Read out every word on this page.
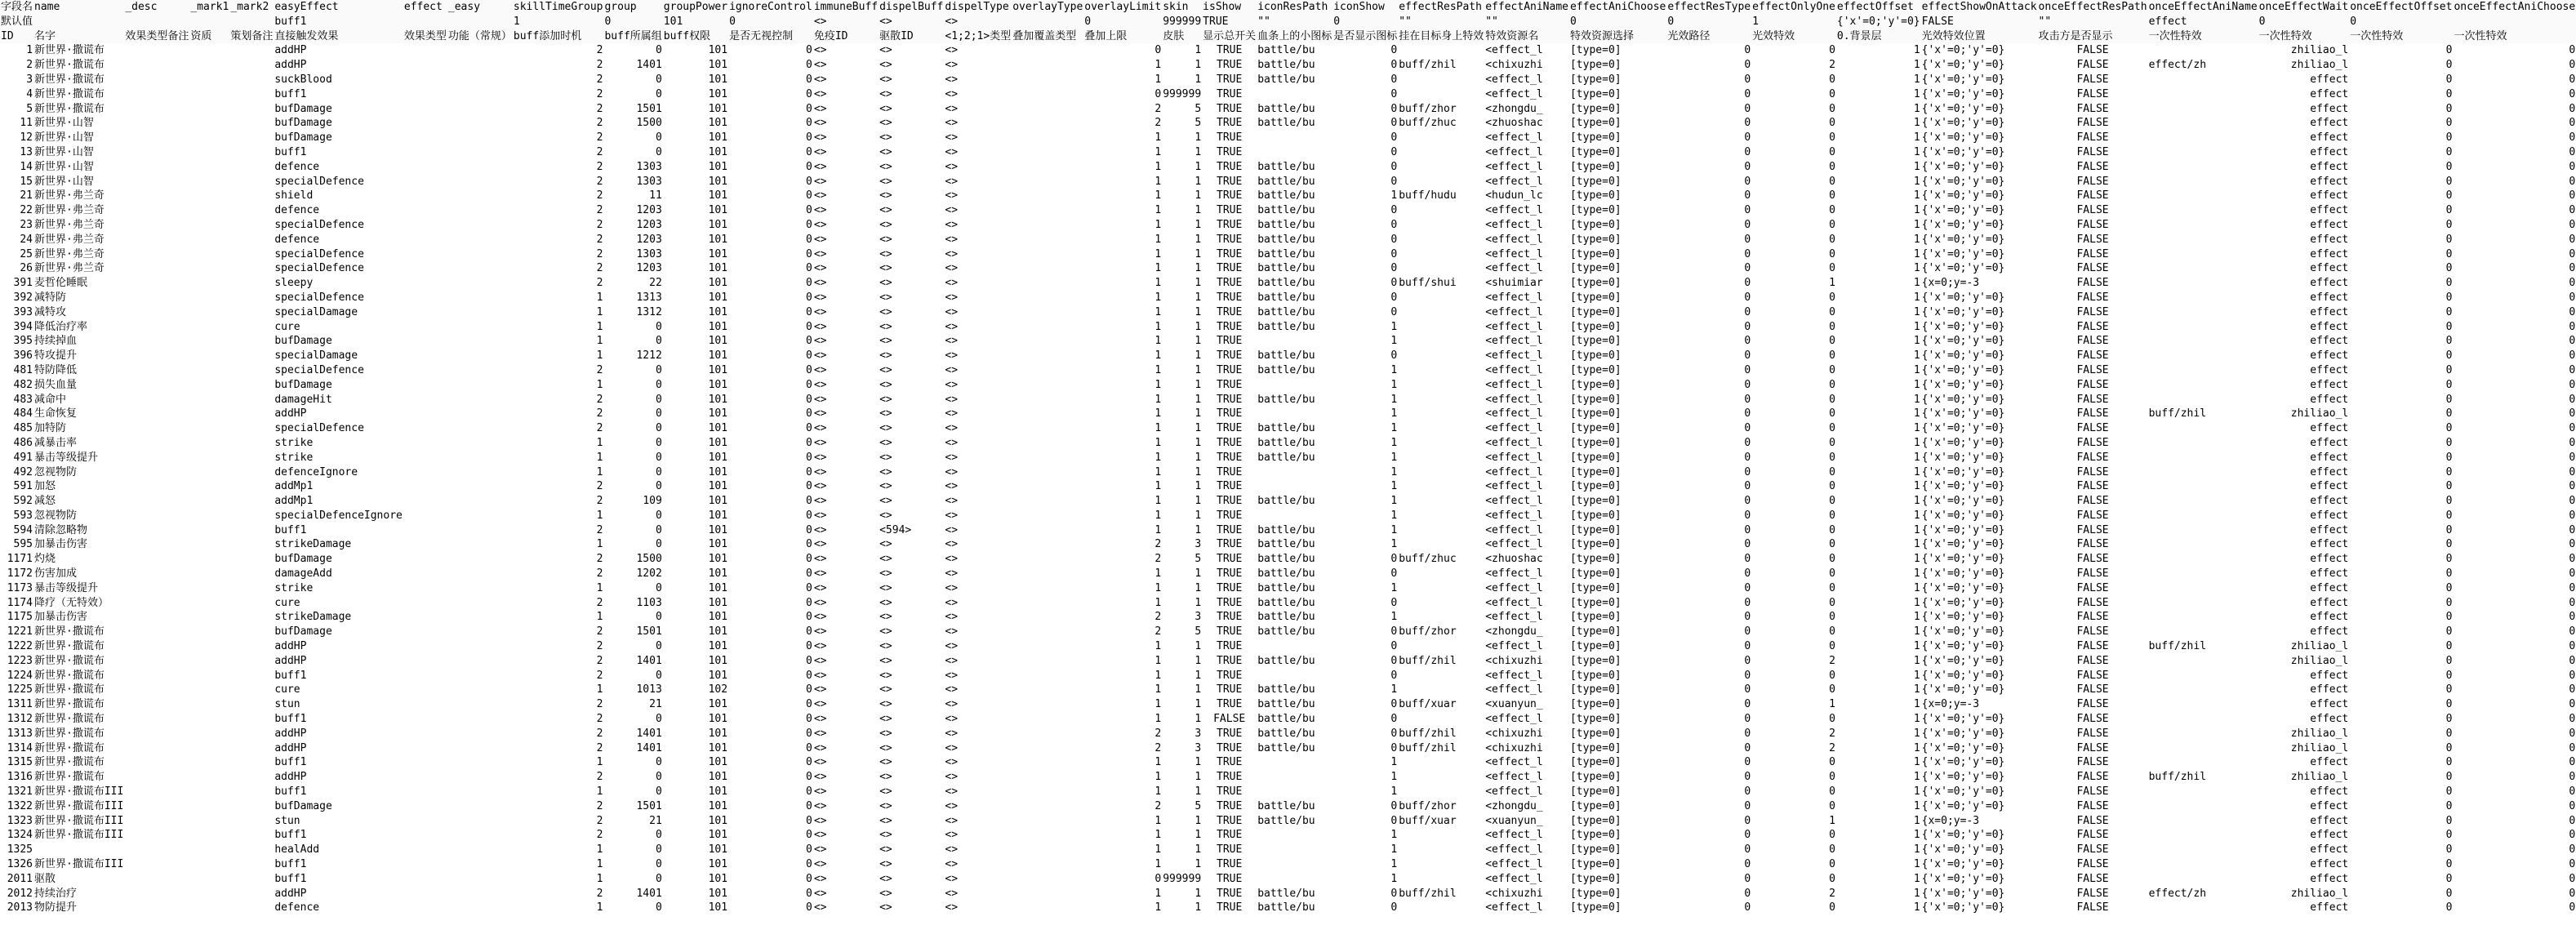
字段名	name	_desc	_mark1	_mark2	easyEffect	effect	_easy	skillTimeGroup	group	groupPower	ignoreControl	immuneBuff	dispelBuff	dispelType	overlayType	overlayLimit	skin	isShow	iconResPath	iconShow	effectResPath	effectAniName	effectAniChoose	effectResType	effectOnlyOne	effectOffset	effectShowOnAttack	onceEffectResPath	onceEffectAniName	onceEffectWait	onceEffectOffset	onceEffectAniChoose
默认值					buff1			1	0	101	0	<>	<>	<>		0	999999	TRUE	""	0	""	""	0	0	1	{'x'=0;'y'=0}	FALSE	""	effect	0	0	
ID	名字	效果类型备注	资质	策划备注	直接触发效果	效果类型	功能（常规）	buff添加时机	buff所属组	buff权限	是否无视控制	免疫ID	驱散ID	<1;2;1>类型	叠加覆盖类型	叠加上限	皮肤	显示总开关	血条上的小图标	是否显示图标	挂在目标身上特效	特效资源名	特效资源选择	光效路径	光效特效	0.背景层	光效特效位置	攻击方是否显示	一次性特效	一次性特效	一次性特效	一次性特效
1	新世界·撒谎布				addHP			2	0	101	0	<>	<>	<>		0	1	TRUE	battle/bu	0		<effect_l	[type=0]	0	0	1	{'x'=0;'y'=0}	FALSE		zhiliao_l	0	0
2	新世界·撒谎布				addHP			2	1401	101	0	<>	<>	<>		1	1	TRUE	battle/bu	0	buff/zhil	<chixuzhi	[type=0]	0	2	1	{'x'=0;'y'=0}	FALSE	effect/zh	zhiliao_l	0	0
3	新世界·撒谎布				suckBlood			2	0	101	0	<>	<>	<>		1	1	TRUE	battle/bu	0		<effect_l	[type=0]	0	0	1	{'x'=0;'y'=0}	FALSE		effect	0	0
4	新世界·撒谎布				buff1			2	0	101	0	<>	<>	<>		0	999999	TRUE		0		<effect_l	[type=0]	0	0	1	{'x'=0;'y'=0}	FALSE		effect	0	0
5	新世界·撒谎布				bufDamage			2	1501	101	0	<>	<>	<>		2	5	TRUE	battle/bu	0	buff/zhor	<zhongdu_	[type=0]	0	0	1	{'x'=0;'y'=0}	FALSE		effect	0	0
11	新世界·山智				bufDamage			2	1500	101	0	<>	<>	<>		2	5	TRUE	battle/bu	0	buff/zhuc	<zhuoshac	[type=0]	0	0	1	{'x'=0;'y'=0}	FALSE		effect	0	0
12	新世界·山智				bufDamage			2	0	101	0	<>	<>	<>		1	1	TRUE		0		<effect_l	[type=0]	0	0	1	{'x'=0;'y'=0}	FALSE		effect	0	0
13	新世界·山智				buff1			2	0	101	0	<>	<>	<>		1	1	TRUE		0		<effect_l	[type=0]	0	0	1	{'x'=0;'y'=0}	FALSE		effect	0	0
14	新世界·山智				defence			2	1303	101	0	<>	<>	<>		1	1	TRUE	battle/bu	0		<effect_l	[type=0]	0	0	1	{'x'=0;'y'=0}	FALSE		effect	0	0
15	新世界·山智				specialDefence			2	1303	101	0	<>	<>	<>		1	1	TRUE	battle/bu	0		<effect_l	[type=0]	0	0	1	{'x'=0;'y'=0}	FALSE		effect	0	0
21	新世界·弗兰奇				shield			2	11	101	0	<>	<>	<>		1	1	TRUE	battle/bu	1	buff/hudu	<hudun_lc	[type=0]	0	0	1	{'x'=0;'y'=0}	FALSE		effect	0	0
22	新世界·弗兰奇				defence			2	1203	101	0	<>	<>	<>		1	1	TRUE	battle/bu	0		<effect_l	[type=0]	0	0	1	{'x'=0;'y'=0}	FALSE		effect	0	0
23	新世界·弗兰奇				specialDefence			2	1203	101	0	<>	<>	<>		1	1	TRUE	battle/bu	0		<effect_l	[type=0]	0	0	1	{'x'=0;'y'=0}	FALSE		effect	0	0
24	新世界·弗兰奇				defence			2	1203	101	0	<>	<>	<>		1	1	TRUE	battle/bu	0		<effect_l	[type=0]	0	0	1	{'x'=0;'y'=0}	FALSE		effect	0	0
25	新世界·弗兰奇				specialDefence			2	1303	101	0	<>	<>	<>		1	1	TRUE	battle/bu	0		<effect_l	[type=0]	0	0	1	{'x'=0;'y'=0}	FALSE		effect	0	0
26	新世界·弗兰奇				specialDefence			2	1203	101	0	<>	<>	<>		1	1	TRUE	battle/bu	0		<effect_l	[type=0]	0	0	1	{'x'=0;'y'=0}	FALSE		effect	0	0
391	麦哲伦睡眠				sleepy			2	22	101	0	<>	<>	<>		1	1	TRUE	battle/bu	0	buff/shui	<shuimiar	[type=0]	0	1	1	{x=0;y=-3	FALSE		effect	0	0
392	减特防				specialDefence			1	1313	101	0	<>	<>	<>		1	1	TRUE	battle/bu	0		<effect_l	[type=0]	0	0	1	{'x'=0;'y'=0}	FALSE		effect	0	0
393	减特攻				specialDamage			1	1312	101	0	<>	<>	<>		1	1	TRUE	battle/bu	0		<effect_l	[type=0]	0	0	1	{'x'=0;'y'=0}	FALSE		effect	0	0
394	降低治疗率				cure			1	0	101	0	<>	<>	<>		1	1	TRUE	battle/bu	1		<effect_l	[type=0]	0	0	1	{'x'=0;'y'=0}	FALSE		effect	0	0
395	持续掉血				bufDamage			1	0	101	0	<>	<>	<>		1	1	TRUE		1		<effect_l	[type=0]	0	0	1	{'x'=0;'y'=0}	FALSE		effect	0	0
396	特攻提升				specialDamage			1	1212	101	0	<>	<>	<>		1	1	TRUE	battle/bu	0		<effect_l	[type=0]	0	0	1	{'x'=0;'y'=0}	FALSE		effect	0	0
481	特防降低				specialDefence			2	0	101	0	<>	<>	<>		1	1	TRUE	battle/bu	1		<effect_l	[type=0]	0	0	1	{'x'=0;'y'=0}	FALSE		effect	0	0
482	损失血量				bufDamage			1	0	101	0	<>	<>	<>		1	1	TRUE		1		<effect_l	[type=0]	0	0	1	{'x'=0;'y'=0}	FALSE		effect	0	0
483	减命中				damageHit			2	0	101	0	<>	<>	<>		1	1	TRUE	battle/bu	1		<effect_l	[type=0]	0	0	1	{'x'=0;'y'=0}	FALSE		effect	0	0
484	生命恢复				addHP			2	0	101	0	<>	<>	<>		1	1	TRUE		1		<effect_l	[type=0]	0	0	1	{'x'=0;'y'=0}	FALSE	buff/zhil	zhiliao_l	0	0
485	加特防				specialDefence			2	0	101	0	<>	<>	<>		1	1	TRUE	battle/bu	1		<effect_l	[type=0]	0	0	1	{'x'=0;'y'=0}	FALSE		effect	0	0
486	减暴击率				strike			1	0	101	0	<>	<>	<>		1	1	TRUE	battle/bu	1		<effect_l	[type=0]	0	0	1	{'x'=0;'y'=0}	FALSE		effect	0	0
491	暴击等级提升				strike			1	0	101	0	<>	<>	<>		1	1	TRUE	battle/bu	1		<effect_l	[type=0]	0	0	1	{'x'=0;'y'=0}	FALSE		effect	0	0
492	忽视物防				defenceIgnore			1	0	101	0	<>	<>	<>		1	1	TRUE		1		<effect_l	[type=0]	0	0	1	{'x'=0;'y'=0}	FALSE		effect	0	0
591	加怒				addMp1			2	0	101	0	<>	<>	<>		1	1	TRUE		1		<effect_l	[type=0]	0	0	1	{'x'=0;'y'=0}	FALSE		effect	0	0
592	减怒				addMp1			2	109	101	0	<>	<>	<>		1	1	TRUE	battle/bu	1		<effect_l	[type=0]	0	0	1	{'x'=0;'y'=0}	FALSE		effect	0	0
593	忽视物防				specialDefenceIgnore			1	0	101	0	<>	<>	<>		1	1	TRUE		1		<effect_l	[type=0]	0	0	1	{'x'=0;'y'=0}	FALSE		effect	0	0
594	清除忽略物				buff1			2	0	101	0	<>	<594>	<>		1	1	TRUE	battle/bu	1		<effect_l	[type=0]	0	0	1	{'x'=0;'y'=0}	FALSE		effect	0	0
595	加暴击伤害				strikeDamage			1	0	101	0	<>	<>	<>		2	3	TRUE	battle/bu	1		<effect_l	[type=0]	0	0	1	{'x'=0;'y'=0}	FALSE		effect	0	0
1171	灼烧				bufDamage			2	1500	101	0	<>	<>	<>		2	5	TRUE	battle/bu	0	buff/zhuc	<zhuoshac	[type=0]	0	0	1	{'x'=0;'y'=0}	FALSE		effect	0	0
1172	伤害加成				damageAdd			2	1202	101	0	<>	<>	<>		1	1	TRUE	battle/bu	0		<effect_l	[type=0]	0	0	1	{'x'=0;'y'=0}	FALSE		effect	0	0
1173	暴击等级提升				strike			1	0	101	0	<>	<>	<>		1	1	TRUE	battle/bu	1		<effect_l	[type=0]	0	0	1	{'x'=0;'y'=0}	FALSE		effect	0	0
1174	降疗（无特效）				cure			2	1103	101	0	<>	<>	<>		1	1	TRUE	battle/bu	0		<effect_l	[type=0]	0	0	1	{'x'=0;'y'=0}	FALSE		effect	0	0
1175	加暴击伤害				strikeDamage			1	0	101	0	<>	<>	<>		2	3	TRUE	battle/bu	1		<effect_l	[type=0]	0	0	1	{'x'=0;'y'=0}	FALSE		effect	0	0
1221	新世界·撒谎布				bufDamage			2	1501	101	0	<>	<>	<>		2	5	TRUE	battle/bu	0	buff/zhor	<zhongdu_	[type=0]	0	0	1	{'x'=0;'y'=0}	FALSE		effect	0	0
1222	新世界·撒谎布				addHP			2	0	101	0	<>	<>	<>		1	1	TRUE		0		<effect_l	[type=0]	0	0	1	{'x'=0;'y'=0}	FALSE	buff/zhil	zhiliao_l	0	0
1223	新世界·撒谎布				addHP			2	1401	101	0	<>	<>	<>		1	1	TRUE	battle/bu	0	buff/zhil	<chixuzhi	[type=0]	0	2	1	{'x'=0;'y'=0}	FALSE		zhiliao_l	0	0
1224	新世界·撒谎布				buff1			2	0	101	0	<>	<>	<>		1	1	TRUE		0		<effect_l	[type=0]	0	0	1	{'x'=0;'y'=0}	FALSE		effect	0	0
1225	新世界·撒谎布				cure			1	1013	102	0	<>	<>	<>		1	1	TRUE	battle/bu	1		<effect_l	[type=0]	0	0	1	{'x'=0;'y'=0}	FALSE		effect	0	0
1311	新世界·撒谎布				stun			2	21	101	0	<>	<>	<>		1	1	TRUE	battle/bu	0	buff/xuar	<xuanyun_	[type=0]	0	1	1	{x=0;y=-3	FALSE		effect	0	0
1312	新世界·撒谎布				buff1			2	0	101	0	<>	<>	<>		1	1	FALSE	battle/bu	0		<effect_l	[type=0]	0	0	1	{'x'=0;'y'=0}	FALSE		effect	0	0
1313	新世界·撒谎布				addHP			2	1401	101	0	<>	<>	<>		2	3	TRUE	battle/bu	0	buff/zhil	<chixuzhi	[type=0]	0	2	1	{'x'=0;'y'=0}	FALSE		zhiliao_l	0	0
1314	新世界·撒谎布				addHP			2	1401	101	0	<>	<>	<>		2	3	TRUE	battle/bu	0	buff/zhil	<chixuzhi	[type=0]	0	2	1	{'x'=0;'y'=0}	FALSE		zhiliao_l	0	0
1315	新世界·撒谎布				buff1			1	0	101	0	<>	<>	<>		1	1	TRUE		1		<effect_l	[type=0]	0	0	1	{'x'=0;'y'=0}	FALSE		effect	0	0
1316	新世界·撒谎布				addHP			2	0	101	0	<>	<>	<>		1	1	TRUE		1		<effect_l	[type=0]	0	0	1	{'x'=0;'y'=0}	FALSE	buff/zhil	zhiliao_l	0	0
1321	新世界·撒谎布III				buff1			1	0	101	0	<>	<>	<>		1	1	TRUE		1		<effect_l	[type=0]	0	0	1	{'x'=0;'y'=0}	FALSE		effect	0	0
1322	新世界·撒谎布III				bufDamage			2	1501	101	0	<>	<>	<>		2	5	TRUE	battle/bu	0	buff/zhor	<zhongdu_	[type=0]	0	0	1	{'x'=0;'y'=0}	FALSE		effect	0	0
1323	新世界·撒谎布III				stun			2	21	101	0	<>	<>	<>		1	1	TRUE	battle/bu	0	buff/xuar	<xuanyun_	[type=0]	0	1	1	{x=0;y=-3	FALSE		effect	0	0
1324	新世界·撒谎布III				buff1			2	0	101	0	<>	<>	<>		1	1	TRUE		1		<effect_l	[type=0]	0	0	1	{'x'=0;'y'=0}	FALSE		effect	0	0
1325					healAdd			1	0	101	0	<>	<>	<>		1	1	TRUE		1		<effect_l	[type=0]	0	0	1	{'x'=0;'y'=0}	FALSE		effect	0	0
1326	新世界·撒谎布III				buff1			1	0	101	0	<>	<>	<>		1	1	TRUE		1		<effect_l	[type=0]	0	0	1	{'x'=0;'y'=0}	FALSE		effect	0	0
2011	驱散				buff1			1	0	101	0	<>	<>	<>		0	999999	TRUE		1		<effect_l	[type=0]	0	0	1	{'x'=0;'y'=0}	FALSE		effect	0	0
2012	持续治疗				addHP			2	1401	101	0	<>	<>	<>		1	1	TRUE	battle/bu	0	buff/zhil	<chixuzhi	[type=0]	0	2	1	{'x'=0;'y'=0}	FALSE	effect/zh	zhiliao_l	0	0
2013	物防提升				defence			1	0	101	0	<>	<>	<>		1	1	TRUE	battle/bu	0		<effect_l	[type=0]	0	0	1	{'x'=0;'y'=0}	FALSE		effect	0	0
